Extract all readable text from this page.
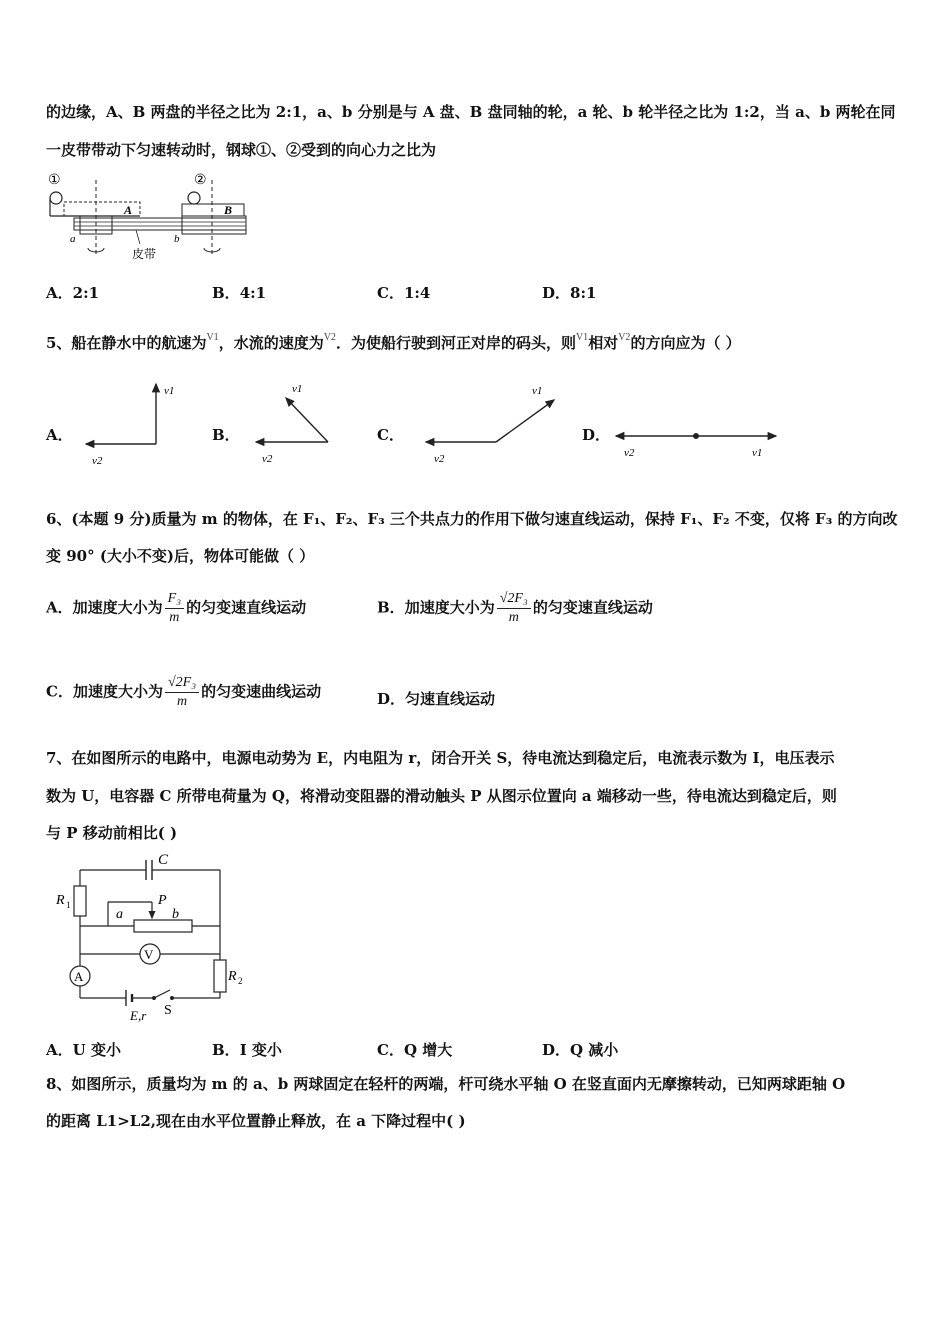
的边缘，A、B 两盘的半径之比为 2:1，a、b 分别是与 A 盘、B 盘同轴的轮，a 轮、b 轮半径之比为 1:2，当 a、b 两轮在同
一皮带带动下匀速转动时，钢球①、②受到的向心力之比为
①
A
②
B
a	b
皮带
A．2:1	B．4:1	C．1:4	D．8:1
5、船在静水中的航速为$^{V1}$，水流的速度为$^{V2}$．为使船行驶到河正对岸的码头，则$^{V1}$相对$^{V2}$的方向应为（ ）
A．
v1
v2
B．
v1
v2
C．
v1
v2
D．
v2	v1
6、(本题 9 分)质量为 m 的物体，在 F₁、F₂、F₃ 三个共点力的作用下做匀速直线运动，保持 F₁、F₂ 不变，仅将 F₃ 的方向改
变 90° (大小不变)后，物体可能做（ ）
A．加速度大小为 $\frac{\text{F₃}}{m}$ 的匀变速直线运动	B．加速度大小为 $\frac{\text{√2F₃}}{m}$ 的匀变速直线运动
C．加速度大小为 $\frac{\text{√2F₃}}{m}$ 的匀变速曲线运动	D．匀速直线运动
7、在如图所示的电路中，电源电动势为 E，内电阻为 r，闭合开关 S，待电流达到稳定后，电流表示数为 I，电压表示
数为 U，电容器 C 所带电荷量为 Q，将滑动变阻器的滑动触头 P 从图示位置向 a 端移动一些，待电流达到稳定后，则
与 P 移动前相比( )
C
R 1
a
P
b
V
A	R 2
E,r S
A．U 变小	B．I 变小	C．Q 增大	D．Q 减小
8、如图所示，质量均为 m 的 a、b 两球固定在轻杆的两端，杆可绕水平轴 O 在竖直面内无摩擦转动，已知两球距轴 O
的距离 L1>L2,现在由水平位置静止释放，在 a 下降过程中( )
